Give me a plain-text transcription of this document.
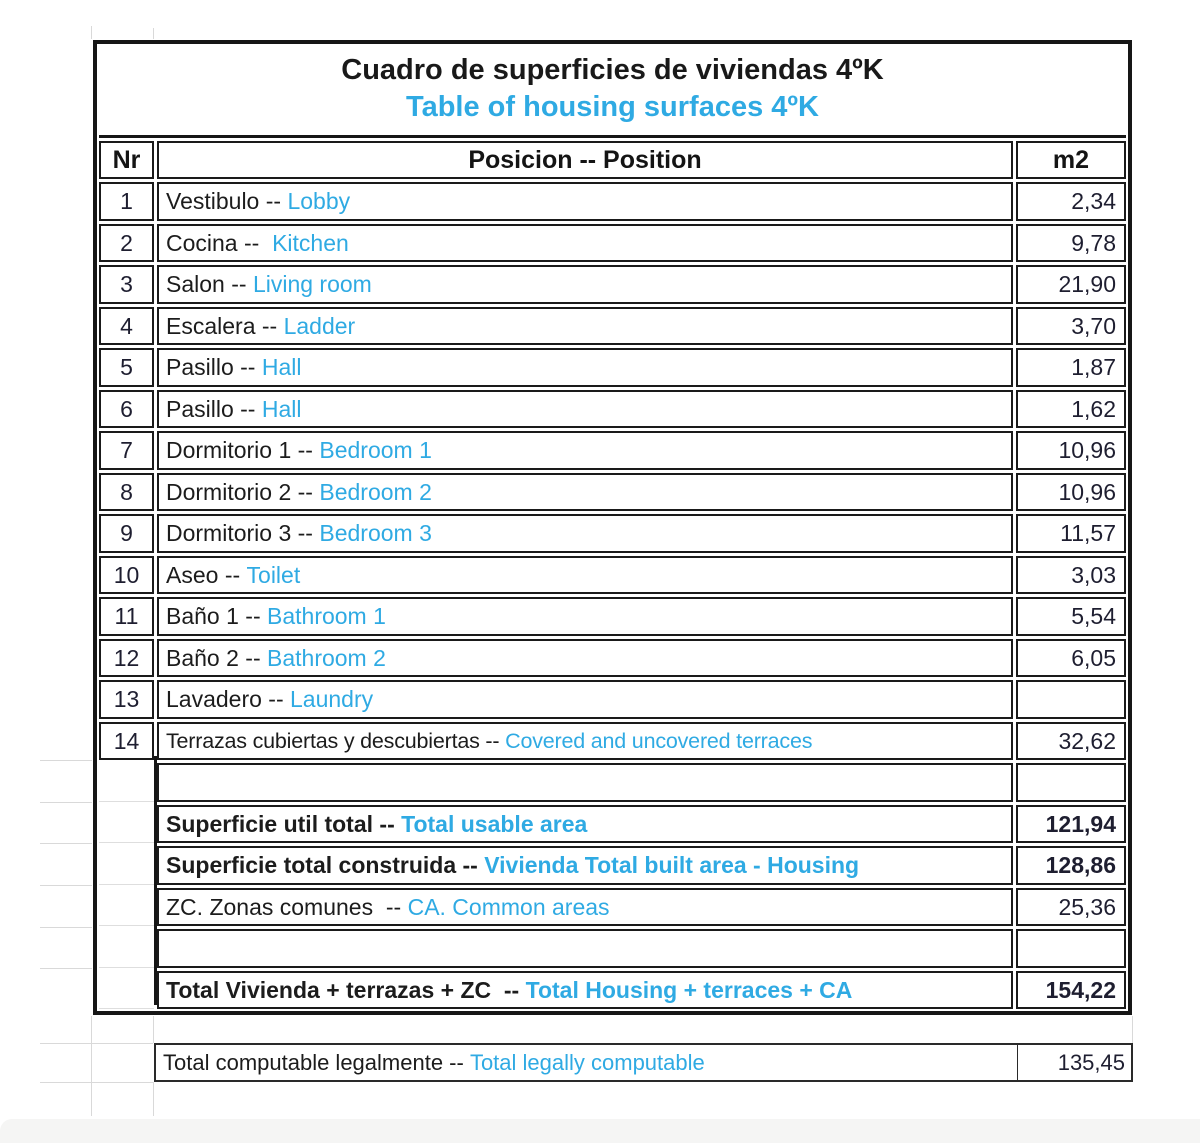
Cuadro de superficies de viviendas 4ºK
Table of housing surfaces 4ºK
Nr	Posicion -- Position	m2
1	Vestibulo -- Lobby	2,34
2	Cocina -- Kitchen	9,78
3	Salon -- Living room	21,90
4	Escalera -- Ladder	3,70
5	Pasillo -- Hall	1,87
6	Pasillo -- Hall	1,62
7	Dormitorio 1 -- Bedroom 1	10,96
8	Dormitorio 2 -- Bedroom 2	10,96
9	Dormitorio 3 -- Bedroom 3	11,57
10	Aseo -- Toilet	3,03
11	Baño 1 -- Bathroom 1	5,54
12	Baño 2 -- Bathroom 2	6,05
13	Lavadero -- Laundry
14	Terrazas cubiertas y descubiertas -- Covered and uncovered terraces	32,62
Superficie util total -- Total usable area	121,94
Superficie total construida -- Vivienda Total built area - Housing	128,86
ZC. Zonas comunes  -- CA. Common areas	25,36
Total Vivienda + terrazas + ZC  -- Total Housing + terraces + CA	154,22
Total computable legalmente -- Total legally computable	135,45
